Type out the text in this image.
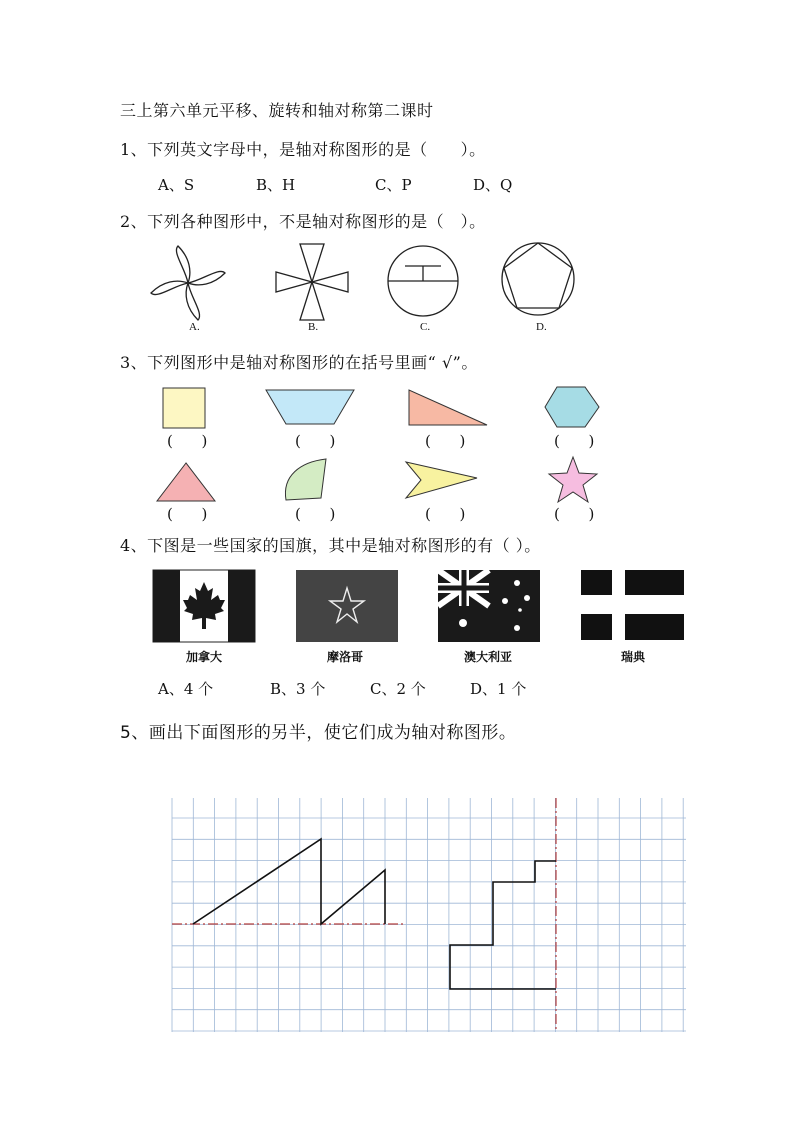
三上第六单元平移、旋转和轴对称第二课时
1、下列英文字母中，是轴对称图形的是（　　）。
A、S	B、H	C、P	D、Q
2、下列各种图形中，不是轴对称图形的是（　）。
A.	B.	C.	D.
3、下列图形中是轴对称图形的在括号里画“ √”。
(      )	(      )	(      )	(      )
(      )	(      )	(      )	(      )
4、下图是一些国家的国旗，其中是轴对称图形的有（ ）。
加拿大	摩洛哥	澳大利亚	瑞典
A、4 个	B、3 个	C、2 个	D、1 个
5、画出下面图形的另半，使它们成为轴对称图形。
